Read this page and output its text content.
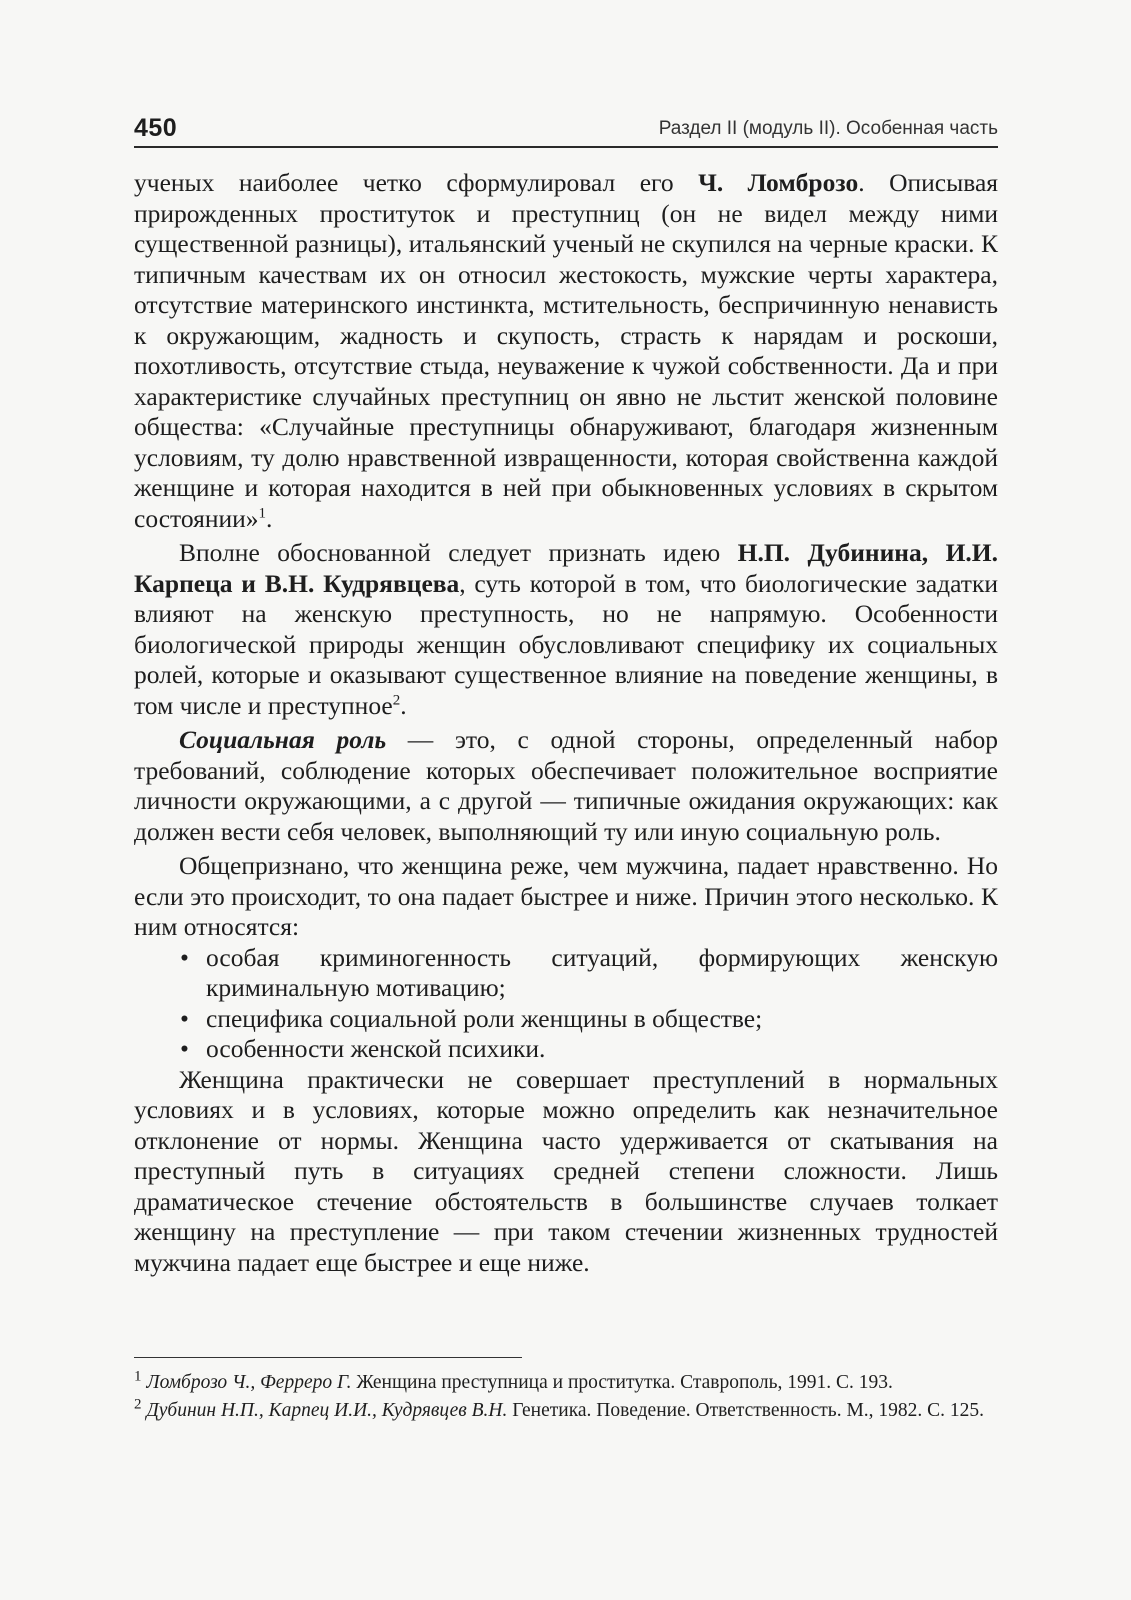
450	Раздел II (модуль II). Особенная часть

ученых наиболее четко сформулировал его Ч. Ломброзо. Описывая прирожденных проституток и преступниц (он не видел между ними существенной разницы), итальянский ученый не скупился на черные краски. К типичным качествам их он относил жестокость, мужские черты характера, отсутствие материнского инстинкта, мстительность, беспричинную ненависть к окружающим, жадность и скупость, страсть к нарядам и роскоши, похотливость, отсутствие стыда, неуважение к чужой собственности. Да и при характеристике случайных преступниц он явно не льстит женской половине общества: «Случайные преступницы обнаруживают, благодаря жизненным условиям, ту долю нравственной извращенности, которая свойственна каждой женщине и которая находится в ней при обыкновенных условиях в скрытом состоянии»$^1$.

Вполне обоснованной следует признать идею Н.П. Дубинина, И.И. Карпеца и В.Н. Кудрявцева, суть которой в том, что биологические задатки влияют на женскую преступность, но не напрямую. Особенности биологической природы женщин обусловливают специфику их социальных ролей, которые и оказывают существенное влияние на поведение женщины, в том числе и преступное$^2$.

Социальная роль — это, с одной стороны, определенный набор требований, соблюдение которых обеспечивает положительное восприятие личности окружающими, а с другой — типичные ожидания окружающих: как должен вести себя человек, выполняющий ту или иную социальную роль.

Общепризнано, что женщина реже, чем мужчина, падает нравственно. Но если это происходит, то она падает быстрее и ниже. Причин этого несколько. К ним относятся:

• особая криминогенность ситуаций, формирующих женскую криминальную мотивацию;
• специфика социальной роли женщины в обществе;
• особенности женской психики.

Женщина практически не совершает преступлений в нормальных условиях и в условиях, которые можно определить как незначительное отклонение от нормы. Женщина часто удерживается от скатывания на преступный путь в ситуациях средней степени сложности. Лишь драматическое стечение обстоятельств в большинстве случаев толкает женщину на преступление — при таком стечении жизненных трудностей мужчина падает еще быстрее и еще ниже.

$^1$ Ломброзо Ч., Ферреро Г. Женщина преступница и проститутка. Ставрополь, 1991. С. 193.

$^2$ Дубинин Н.П., Карпец И.И., Кудрявцев В.Н. Генетика. Поведение. Ответственность. М., 1982. С. 125.
